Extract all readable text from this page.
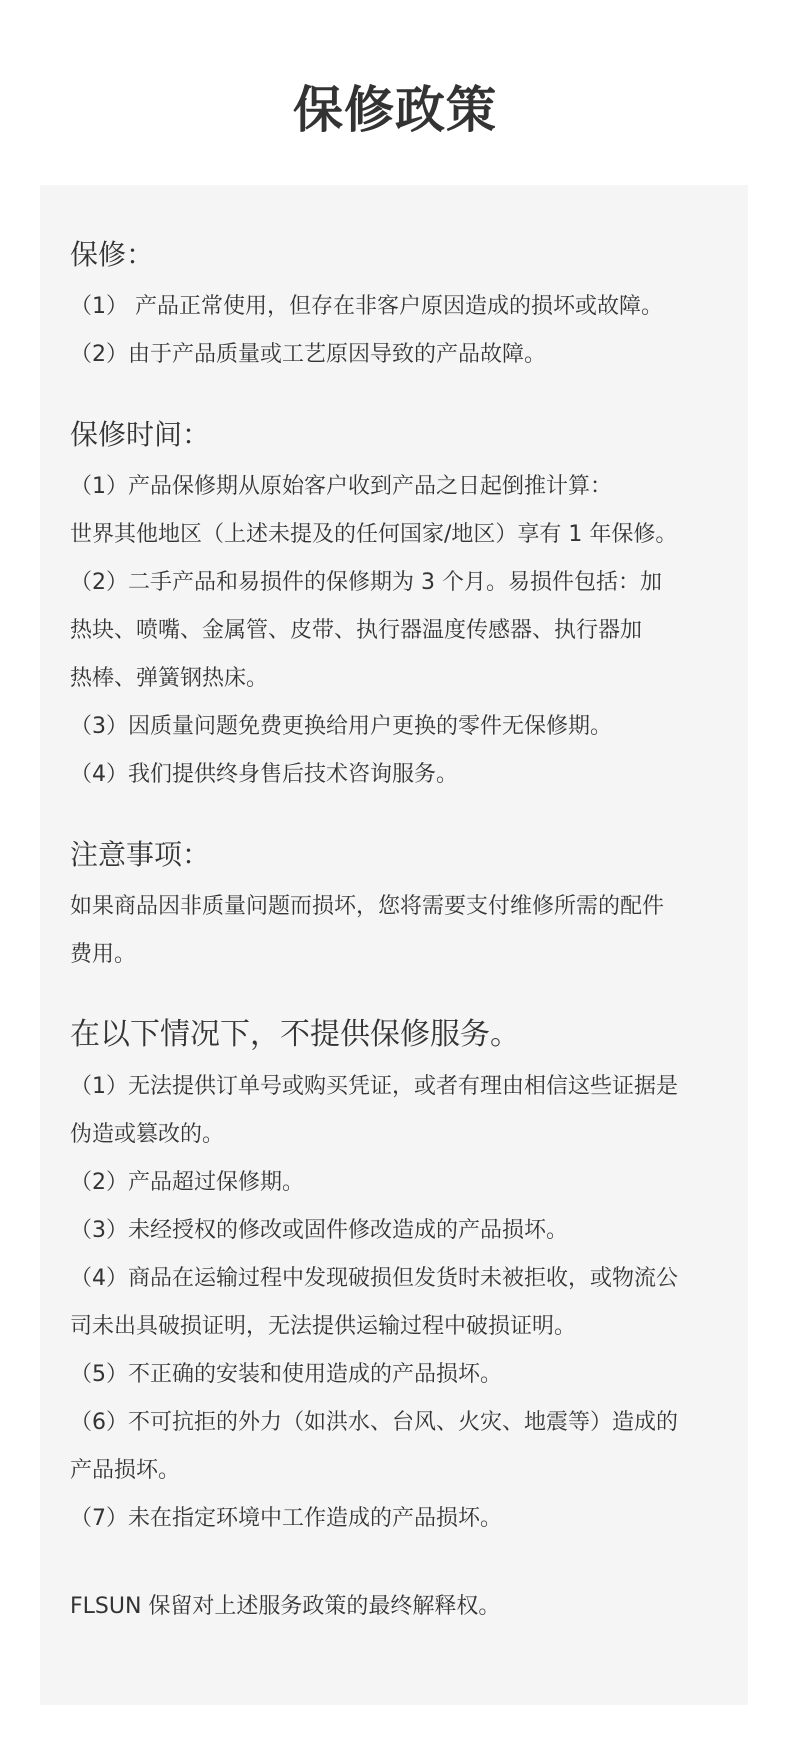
保修政策
保修：

（1） 产品正常使用，但存在非客户原因造成的损坏或故障。

（2）由于产品质量或工艺原因导致的产品故障。

保修时间：

（1）产品保修期从原始客户收到产品之日起倒推计算：

世界其他地区（上述未提及的任何国家/地区）享有 1 年保修。

（2）二手产品和易损件的保修期为 3 个月。易损件包括：加

热块、喷嘴、金属管、皮带、执行器温度传感器、执行器加

热棒、弹簧钢热床。

（3）因质量问题免费更换给用户更换的零件无保修期。

（4）我们提供终身售后技术咨询服务。

注意事项：

如果商品因非质量问题而损坏，您将需要支付维修所需的配件

费用。

在以下情况下，不提供保修服务。

（1）无法提供订单号或购买凭证，或者有理由相信这些证据是

伪造或篡改的。

（2）产品超过保修期。

（3）未经授权的修改或固件修改造成的产品损坏。

（4）商品在运输过程中发现破损但发货时未被拒收，或物流公

司未出具破损证明，无法提供运输过程中破损证明。

（5）不正确的安装和使用造成的产品损坏。

（6）不可抗拒的外力（如洪水、台风、火灾、地震等）造成的

产品损坏。

（7）未在指定环境中工作造成的产品损坏。

FLSUN 保留对上述服务政策的最终解释权。
